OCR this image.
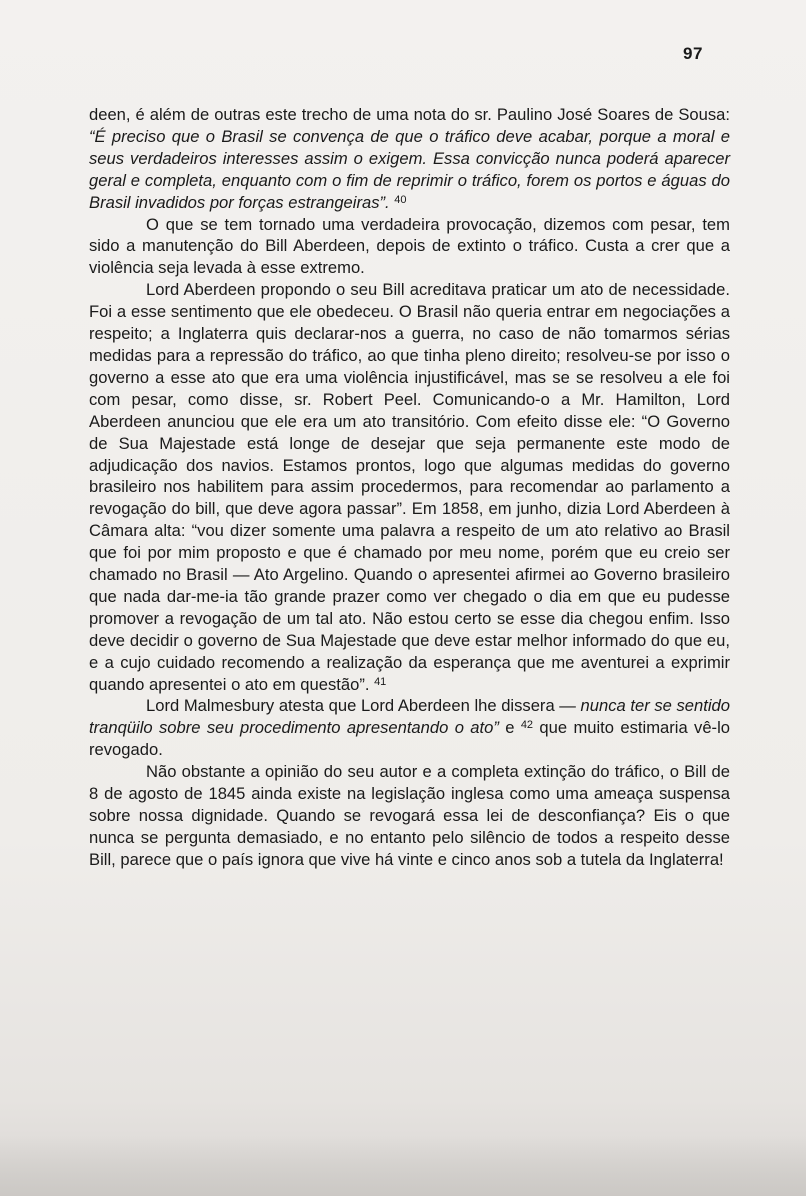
97

deen, é além de outras este trecho de uma nota do sr. Paulino José Soares de Sousa: “É preciso que o Brasil se convença de que o tráfico deve acabar, porque a moral e seus verdadeiros interesses assim o exigem. Essa convicção nunca poderá aparecer geral e completa, enquanto com o fim de reprimir o tráfico, forem os portos e águas do Brasil invadidos por forças estrangeiras”. $^{40}$

O que se tem tornado uma verdadeira provocação, dizemos com pesar, tem sido a manutenção do Bill Aberdeen, depois de extinto o tráfico. Custa a crer que a violência seja levada à esse extremo.

Lord Aberdeen propondo o seu Bill acreditava praticar um ato de necessidade. Foi a esse sentimento que ele obedeceu. O Brasil não queria entrar em negociações a respeito; a Inglaterra quis declarar-nos a guerra, no caso de não tomarmos sérias medidas para a repressão do tráfico, ao que tinha pleno direito; resolveu-se por isso o governo a esse ato que era uma violência injustificável, mas se se resolveu a ele foi com pesar, como disse, sr. Robert Peel. Comunicando-o a Mr. Hamilton, Lord Aberdeen anunciou que ele era um ato transitório. Com efeito disse ele: “O Governo de Sua Majestade está longe de desejar que seja permanente este modo de adjudicação dos navios. Estamos prontos, logo que algumas medidas do governo brasileiro nos habilitem para assim procedermos, para recomendar ao parlamento a revogação do bill, que deve agora passar”. Em 1858, em junho, dizia Lord Aberdeen à Câmara alta: “vou dizer somente uma palavra a respeito de um ato relativo ao Brasil que foi por mim proposto e que é chamado por meu nome, porém que eu creio ser chamado no Brasil — Ato Argelino. Quando o apresentei afirmei ao Governo brasileiro que nada dar-me-ia tão grande prazer como ver chegado o dia em que eu pudesse promover a revogação de um tal ato. Não estou certo se esse dia chegou enfim. Isso deve decidir o governo de Sua Majestade que deve estar melhor informado do que eu, e a cujo cuidado recomendo a realização da esperança que me aventurei a exprimir quando apresentei o ato em questão”. $^{41}$

Lord Malmesbury atesta que Lord Aberdeen lhe dissera — nunca ter se sentido tranqüilo sobre seu procedimento apresentando o ato” e $^{42}$ que muito estimaria vê-lo revogado.

Não obstante a opinião do seu autor e a completa extinção do tráfico, o Bill de 8 de agosto de 1845 ainda existe na legislação inglesa como uma ameaça suspensa sobre nossa dignidade. Quando se revogará essa lei de desconfiança? Eis o que nunca se pergunta demasiado, e no entanto pelo silêncio de todos a respeito desse Bill, parece que o país ignora que vive há vinte e cinco anos sob a tutela da Inglaterra!
